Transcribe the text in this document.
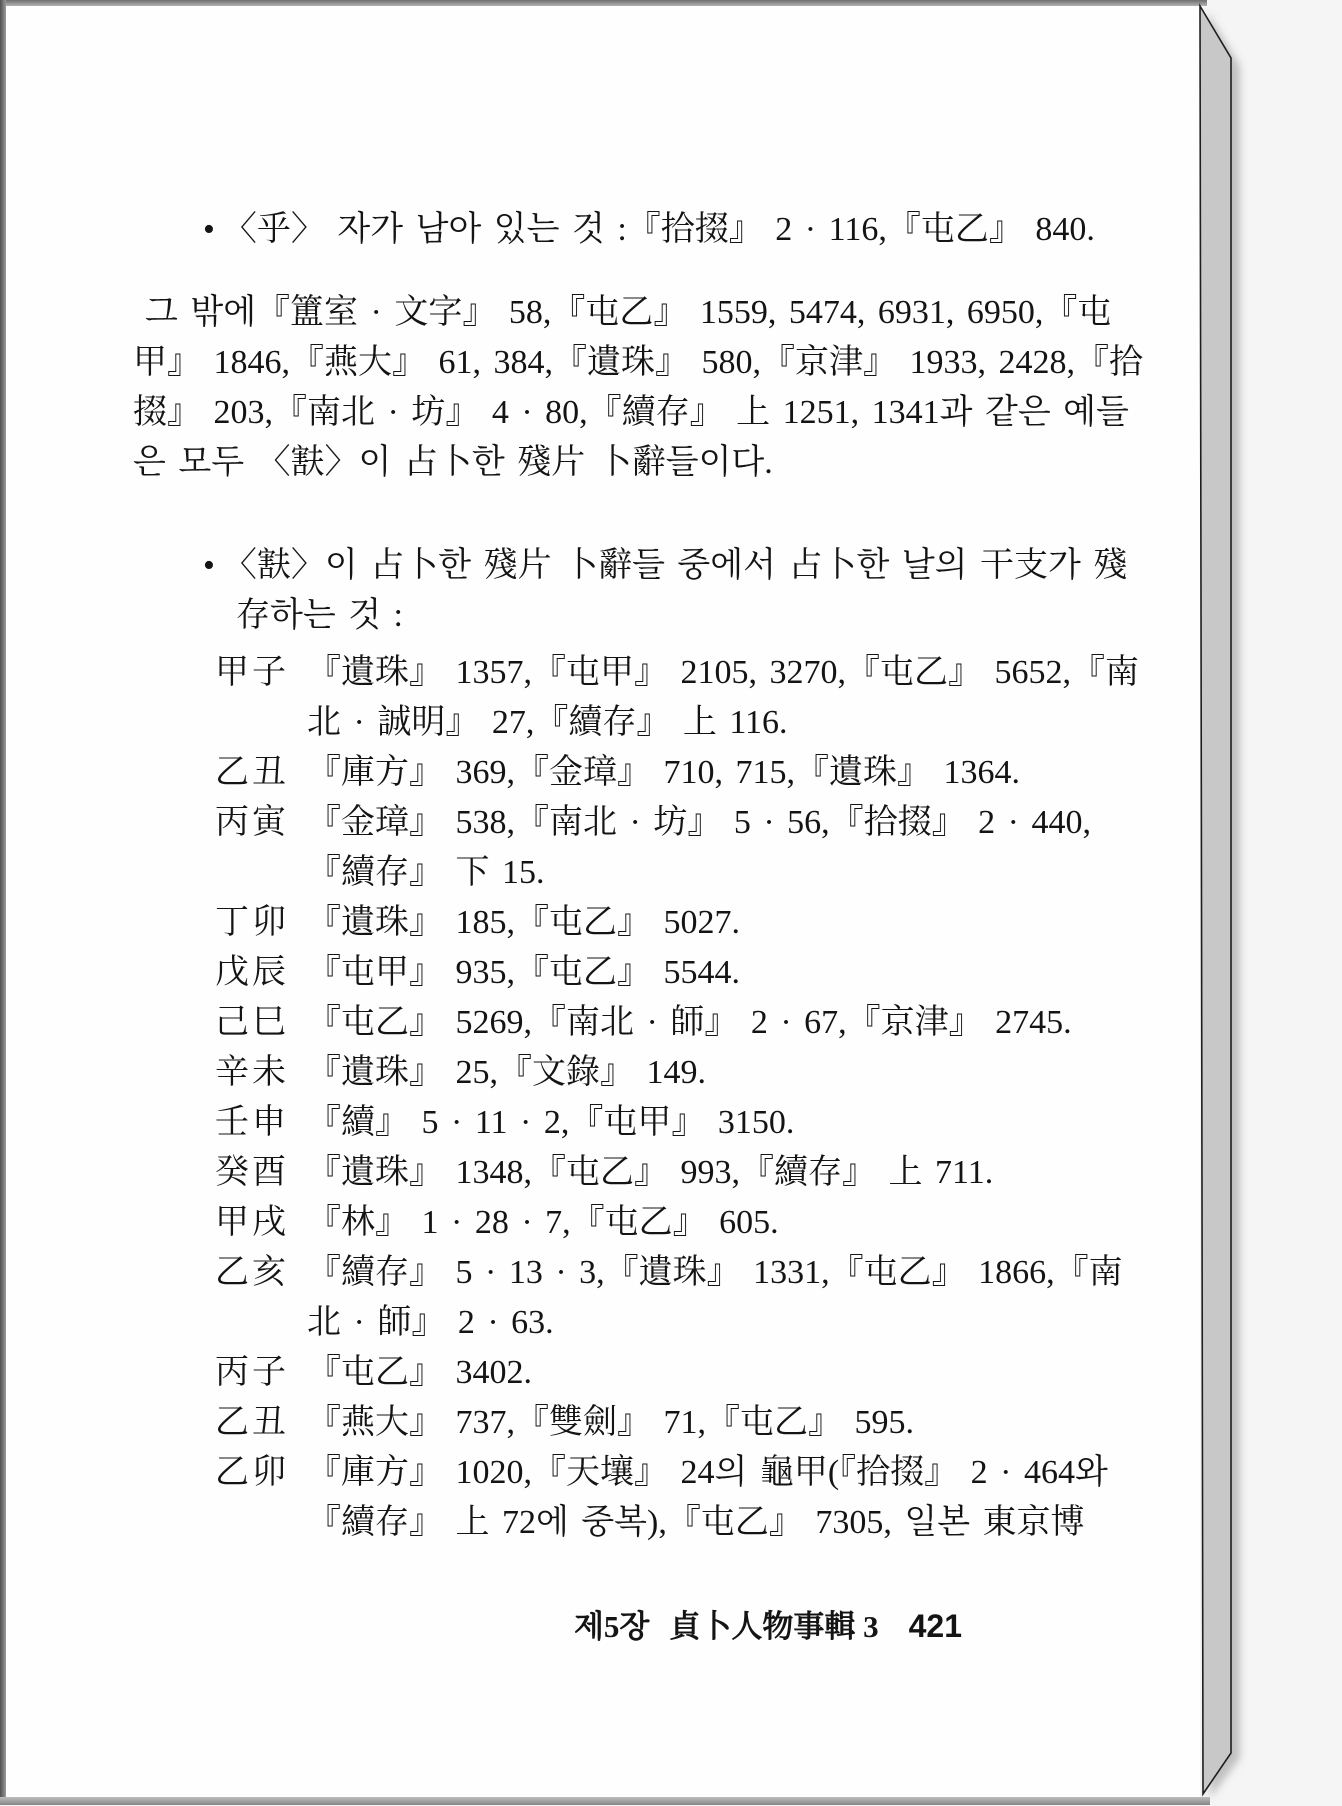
• 〈乎〉 자가 남아 있는 것 :『拾掇』 2 · 116,『屯乙』 840.
그 밖에『簠室 · 文字』 58,『屯乙』 1559, 5474, 6931, 6950,『屯
甲』 1846,『燕大』 61, 384,『遺珠』 580,『京津』 1933, 2428,『拾
掇』 203,『南北 · 坊』 4 · 80,『續存』 上 1251, 1341과 같은 예들
은 모두 〈㝬〉이 占卜한 殘片 卜辭들이다.
• 〈㝬〉이 占卜한 殘片 卜辭들 중에서 占卜한 날의 干支가 殘
存하는 것 :
甲子 『遺珠』 1357,『屯甲』 2105, 3270,『屯乙』 5652,『南
北 · 誠明』 27,『續存』 上 116.
乙丑 『庫方』 369,『金璋』 710, 715,『遺珠』 1364.
丙寅 『金璋』 538,『南北 · 坊』 5 · 56,『拾掇』 2 · 440,
『續存』 下 15.
丁卯 『遺珠』 185,『屯乙』 5027.
戊辰 『屯甲』 935,『屯乙』 5544.
己巳 『屯乙』 5269,『南北 · 師』 2 · 67,『京津』 2745.
辛未 『遺珠』 25,『文錄』 149.
壬申 『續』 5 · 11 · 2,『屯甲』 3150.
癸酉 『遺珠』 1348,『屯乙』 993,『續存』 上 711.
甲戌 『林』 1 · 28 · 7,『屯乙』 605.
乙亥 『續存』 5 · 13 · 3,『遺珠』 1331,『屯乙』 1866,『南
北 · 師』 2 · 63.
丙子 『屯乙』 3402.
乙丑 『燕大』 737,『雙劍』 71,『屯乙』 595.
乙卯 『庫方』 1020,『天壤』 24의 龜甲(『拾掇』 2 · 464와
『續存』 上 72에 중복),『屯乙』 7305, 일본 東京博
제5장 貞卜人物事輯 3 421
